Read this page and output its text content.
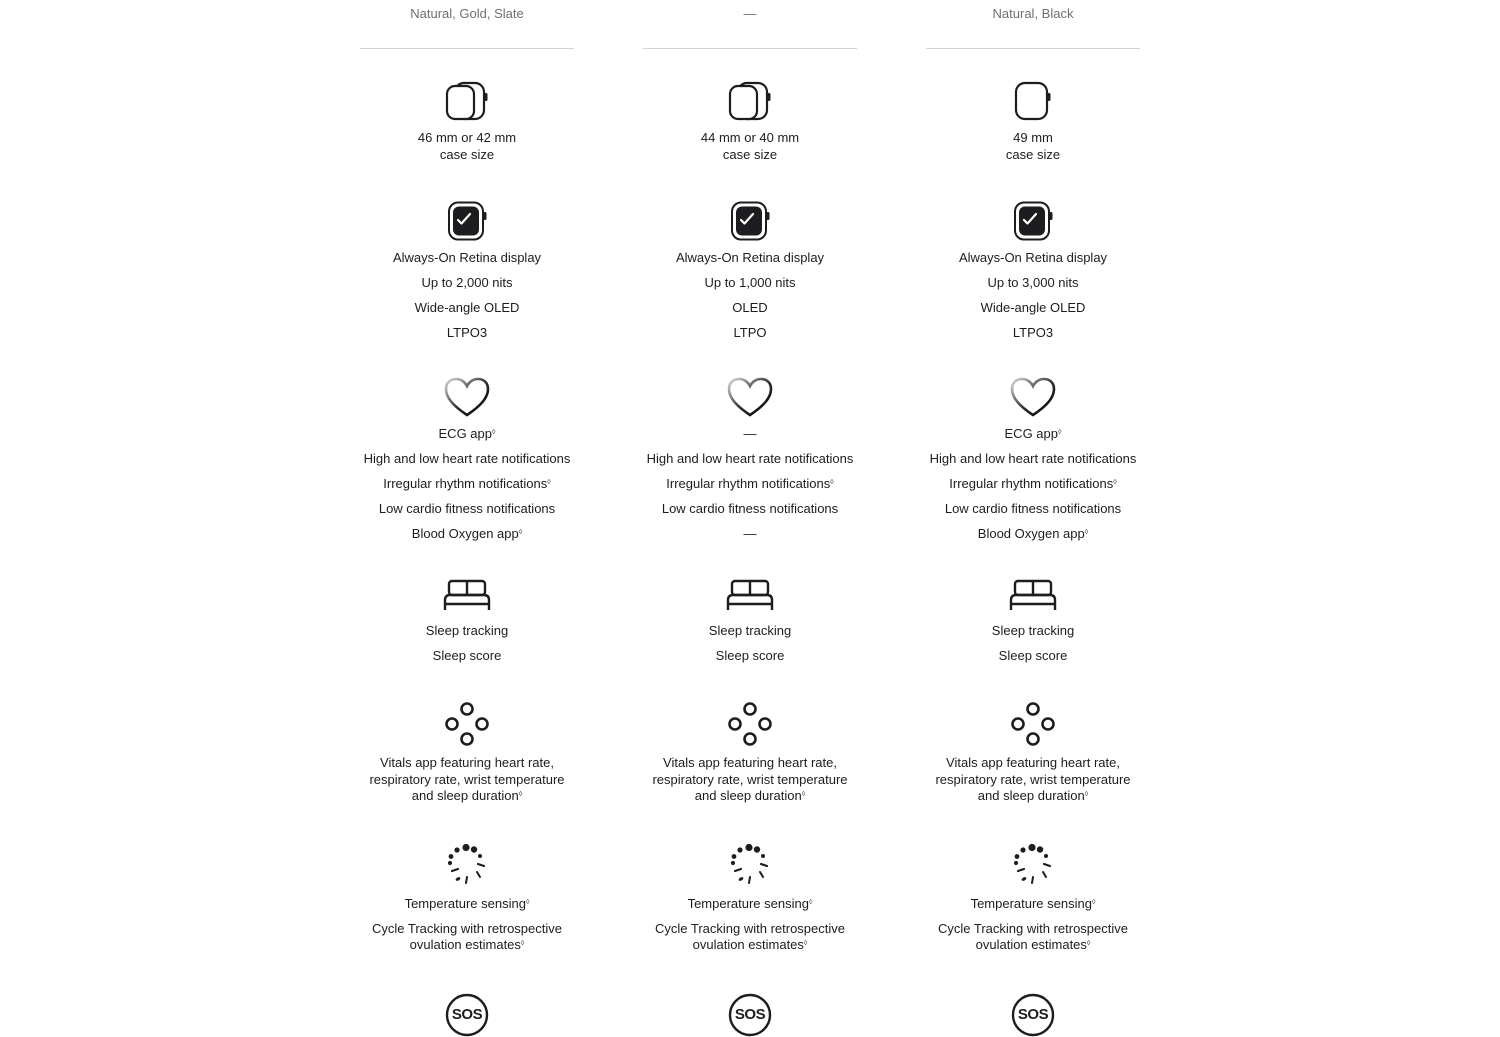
Natural, Gold, Slate
46 mm or 42 mm
case size
Always-On Retina display
Up to 2,000 nits
Wide-angle OLED
LTPO3
ECG app◊
High and low heart rate notifications
Irregular rhythm notifications◊
Low cardio fitness notifications
Blood Oxygen app◊
Sleep tracking
Sleep score
Vitals app featuring heart rate,
respiratory rate, wrist temperature
and sleep duration◊
Temperature sensing◊
Cycle Tracking with retrospective
ovulation estimates◊
SOS
—
44 mm or 40 mm
case size
Always-On Retina display
Up to 1,000 nits
OLED
LTPO
—
High and low heart rate notifications
Irregular rhythm notifications◊
Low cardio fitness notifications
—
Sleep tracking
Sleep score
Vitals app featuring heart rate,
respiratory rate, wrist temperature
and sleep duration◊
Temperature sensing◊
Cycle Tracking with retrospective
ovulation estimates◊
SOS
Natural, Black
49 mm
case size
Always-On Retina display
Up to 3,000 nits
Wide-angle OLED
LTPO3
ECG app◊
High and low heart rate notifications
Irregular rhythm notifications◊
Low cardio fitness notifications
Blood Oxygen app◊
Sleep tracking
Sleep score
Vitals app featuring heart rate,
respiratory rate, wrist temperature
and sleep duration◊
Temperature sensing◊
Cycle Tracking with retrospective
ovulation estimates◊
SOS
